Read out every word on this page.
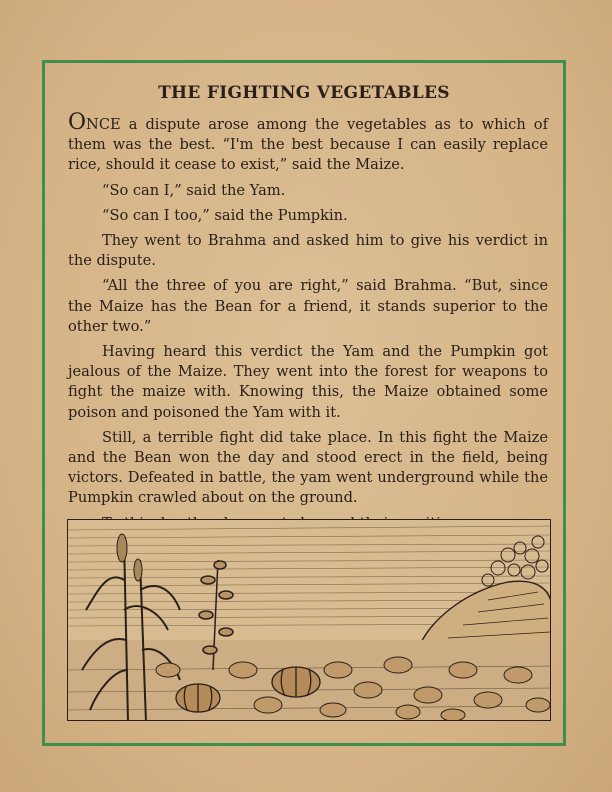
THE FIGHTING VEGETABLES

ONCE a dispute arose among the vegetables as to which of them was the best. “I'm the best because I can easily replace rice, should it cease to exist,” said the Maize.

“So can I,” said the Yam.

“So can I too,” said the Pumpkin.

They went to Brahma and asked him to give his verdict in the dispute.

“All the three of you are right,” said Brahma. “But, since the Maize has the Bean for a friend, it stands superior to the other two.”

Having heard this verdict the Yam and the Pumpkin got jealous of the Maize. They went into the forest for weapons to fight the maize with. Knowing this, the Maize obtained some poison and poisoned the Yam with it.

Still, a terrible fight did take place. In this fight the Maize and the Bean won the day and stood erect in the field, being victors. Defeated in battle, the yam went underground while the Pumpkin crawled about on the ground.
